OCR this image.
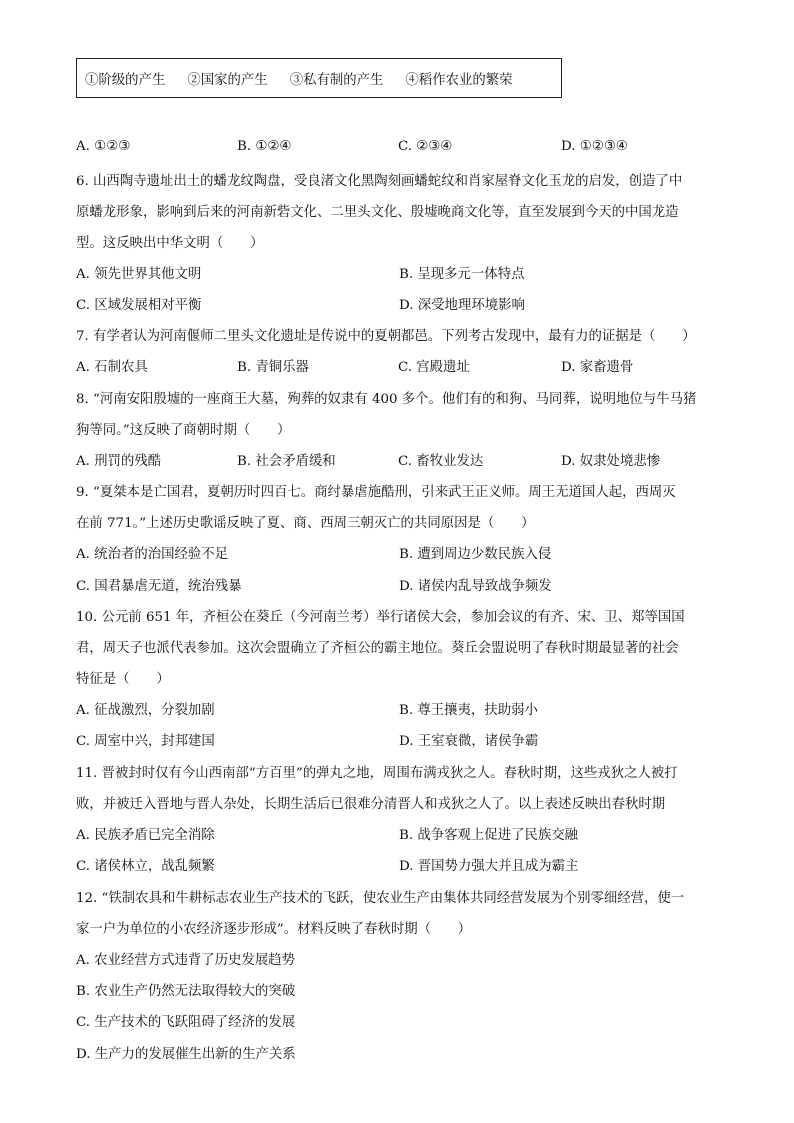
①阶级的产生 ②国家的产生 ③私有制的产生 ④稻作农业的繁荣
A. ①②③	B. ①②④	C. ②③④	D. ①②③④
6. 山西陶寺遗址出土的蟠龙纹陶盘，受良渚文化黑陶刻画蟠蛇纹和肖家屋脊文化玉龙的启发，创造了中
原蟠龙形象，影响到后来的河南新砦文化、二里头文化、殷墟晚商文化等，直至发展到今天的中国龙造
型。这反映出中华文明（　　）
A. 领先世界其他文明	B. 呈现多元一体特点
C. 区域发展相对平衡	D. 深受地理环境影响
7. 有学者认为河南偃师二里头文化遗址是传说中的夏朝都邑。下列考古发现中，最有力的证据是（　　）
A. 石制农具	B. 青铜乐器	C. 宫殿遗址	D. 家畜遗骨
8. “河南安阳殷墟的一座商王大墓，殉葬的奴隶有 400 多个。他们有的和狗、马同葬，说明地位与牛马猪
狗等同。”这反映了商朝时期（　　）
A. 刑罚的残酷	B. 社会矛盾缓和	C. 畜牧业发达	D. 奴隶处境悲惨
9. “夏桀本是亡国君，夏朝历时四百七。商纣暴虐施酷刑，引来武王正义师。周王无道国人起，西周灭
在前 771。”上述历史歌谣反映了夏、商、西周三朝灭亡的共同原因是（　　）
A. 统治者的治国经验不足	B. 遭到周边少数民族入侵
C. 国君暴虐无道，统治残暴	D. 诸侯内乱导致战争频发
10. 公元前 651 年，齐桓公在葵丘（今河南兰考）举行诸侯大会，参加会议的有齐、宋、卫、郑等国国
君，周天子也派代表参加。这次会盟确立了齐桓公的霸主地位。葵丘会盟说明了春秋时期最显著的社会
特征是（　　）
A. 征战激烈，分裂加剧	B. 尊王攘夷，扶助弱小
C. 周室中兴，封邦建国	D. 王室衰微，诸侯争霸
11. 晋被封时仅有今山西南部“方百里”的弹丸之地，周围布满戎狄之人。春秋时期，这些戎狄之人被打
败，并被迁入晋地与晋人杂处，长期生活后已很难分清晋人和戎狄之人了。以上表述反映出春秋时期
A. 民族矛盾已完全消除	B. 战争客观上促进了民族交融
C. 诸侯林立，战乱频繁	D. 晋国势力强大并且成为霸主
12. “铁制农具和牛耕标志农业生产技术的飞跃，使农业生产由集体共同经营发展为个别零细经营，使一
家一户为单位的小农经济逐步形成”。材料反映了春秋时期（　　）
A. 农业经营方式违背了历史发展趋势
B. 农业生产仍然无法取得较大的突破
C. 生产技术的飞跃阻碍了经济的发展
D. 生产力的发展催生出新的生产关系
